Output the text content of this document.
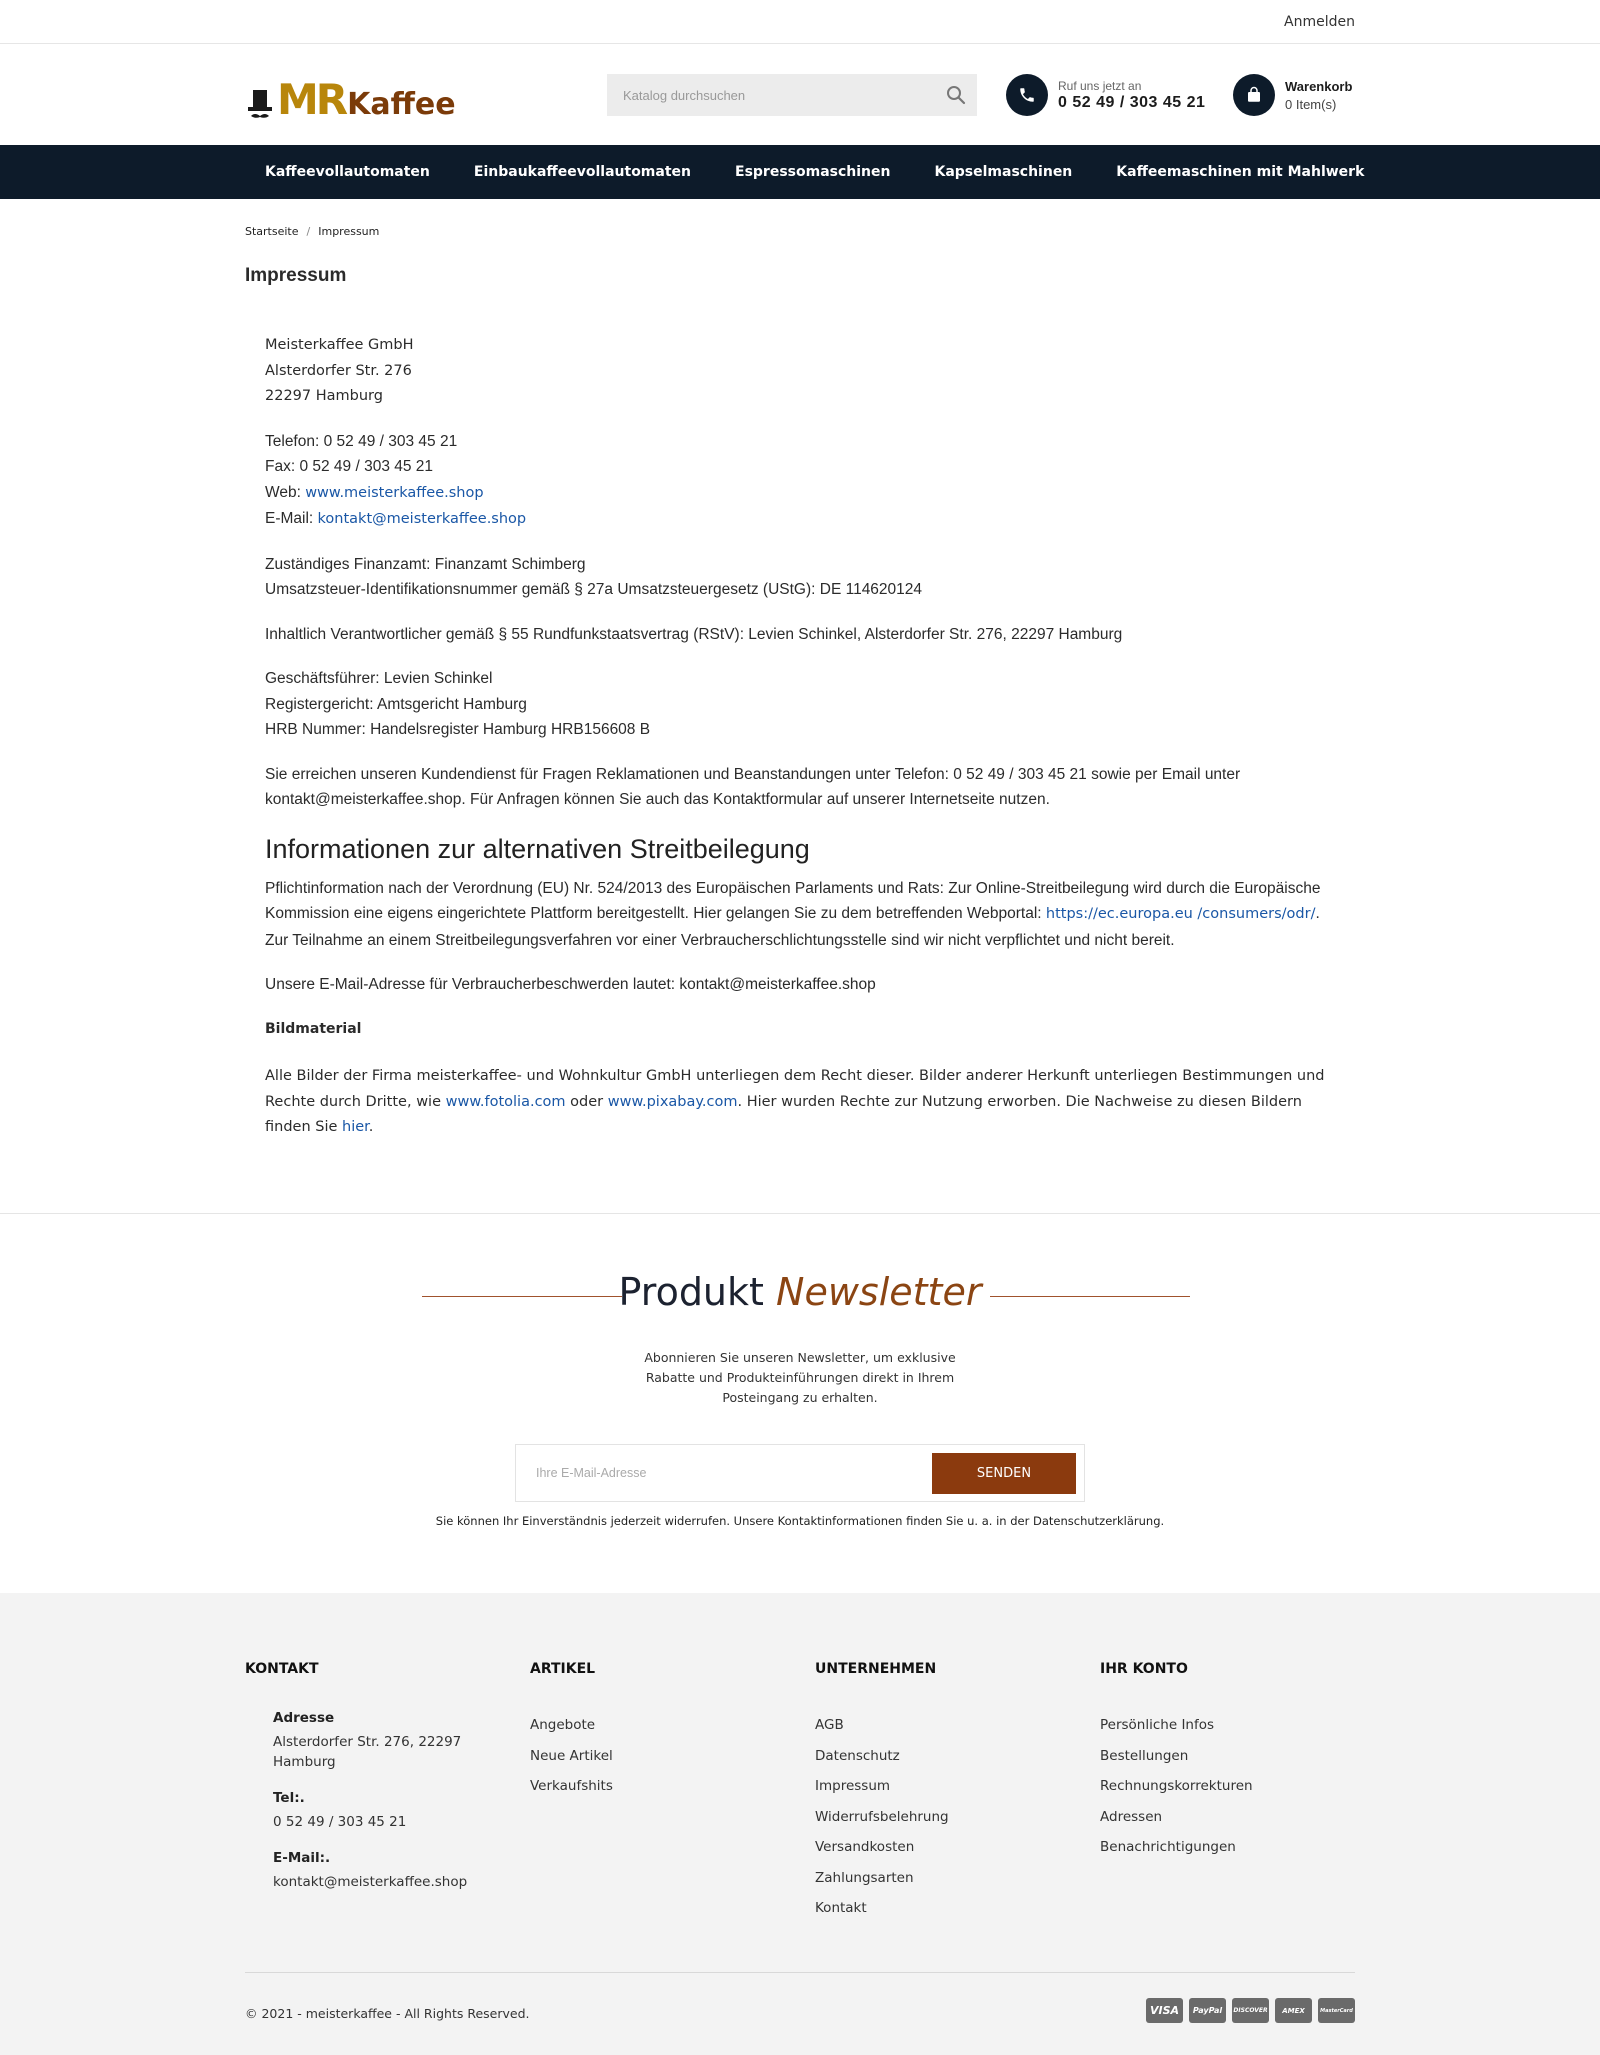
Anmelden
MR Kaffee
Katalog durchsuchen
Ruf uns jetzt an
0 52 49 / 303 45 21
Warenkorb
0 Item(s)
Kaffeevollautomaten	Einbaukaffeevollautomaten	Espressomaschinen	Kapselmaschinen	Kaffeemaschinen mit Mahlwerk
Startseite / Impressum
Impressum

Meisterkaffee GmbH
Alsterdorfer Str. 276
22297 Hamburg

Telefon: 0 52 49 / 303 45 21
Fax: 0 52 49 / 303 45 21
Web: www.meisterkaffee.shop
E-Mail: kontakt@meisterkaffee.shop

Zuständiges Finanzamt: Finanzamt Schimberg
Umsatzsteuer-Identifikationsnummer gemäß § 27a Umsatzsteuergesetz (UStG): DE 114620124

Inhaltlich Verantwortlicher gemäß § 55 Rundfunkstaatsvertrag (RStV): Levien Schinkel, Alsterdorfer Str. 276, 22297 Hamburg

Geschäftsführer: Levien Schinkel
Registergericht: Amtsgericht Hamburg
HRB Nummer: Handelsregister Hamburg HRB156608 B

Sie erreichen unseren Kundendienst für Fragen Reklamationen und Beanstandungen unter Telefon: 0 52 49 / 303 45 21 sowie per Email unter kontakt@meisterkaffee.shop. Für Anfragen können Sie auch das Kontaktformular auf unserer Internetseite nutzen.

Informationen zur alternativen Streitbeilegung

Pflichtinformation nach der Verordnung (EU) Nr. 524/2013 des Europäischen Parlaments und Rats: Zur Online-Streitbeilegung wird durch die Europäische Kommission eine eigens eingerichtete Plattform bereitgestellt. Hier gelangen Sie zu dem betreffenden Webportal: https://ec.europa.eu /consumers/odr/. Zur Teilnahme an einem Streitbeilegungsverfahren vor einer Verbraucherschlichtungsstelle sind wir nicht verpflichtet und nicht bereit.

Unsere E-Mail-Adresse für Verbraucherbeschwerden lautet: kontakt@meisterkaffee.shop

Bildmaterial

Alle Bilder der Firma meisterkaffee- und Wohnkultur GmbH unterliegen dem Recht dieser. Bilder anderer Herkunft unterliegen Bestimmungen und Rechte durch Dritte, wie www.fotolia.com oder www.pixabay.com. Hier wurden Rechte zur Nutzung erworben. Die Nachweise zu diesen Bildern finden Sie hier.

Produkt Newsletter
Abonnieren Sie unseren Newsletter, um exklusive Rabatte und Produkteinführungen direkt in Ihrem Posteingang zu erhalten.
Ihre E-Mail-Adresse
SENDEN
Sie können Ihr Einverständnis jederzeit widerrufen. Unsere Kontaktinformationen finden Sie u. a. in der Datenschutzerklärung.
KONTAKT
Adresse
Alsterdorfer Str. 276, 22297 Hamburg
Tel:.
0 52 49 / 303 45 21
E-Mail:.
kontakt@meisterkaffee.shop
ARTIKEL
Angebote
Neue Artikel
Verkaufshits
UNTERNEHMEN
AGB
Datenschutz
Impressum
Widerrufsbelehrung
Versandkosten
Zahlungsarten
Kontakt
IHR KONTO
Persönliche Infos
Bestellungen
Rechnungskorrekturen
Adressen
Benachrichtigungen
© 2021 - meisterkaffee - All Rights Reserved.	VISA	PayPal	DISCOVER	AMEX	MasterCard
